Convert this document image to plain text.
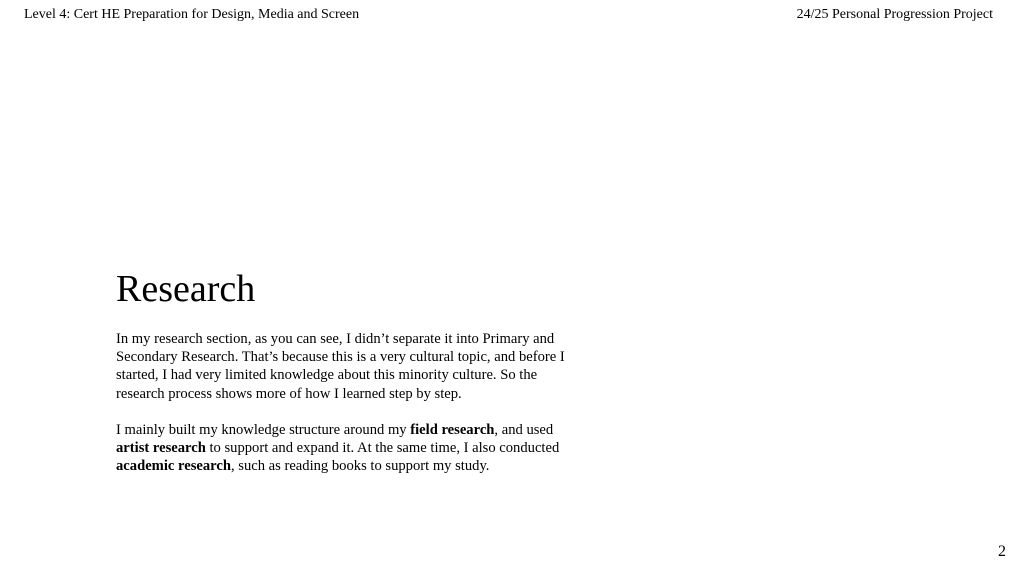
Level 4: Cert HE Preparation for Design, Media and Screen	24/25 Personal Progression Project
Research

In my research section, as you can see, I didn’t separate it into Primary and Secondary Research. That’s because this is a very cultural topic, and before I started, I had very limited knowledge about this minority culture. So the research process shows more of how I learned step by step.

I mainly built my knowledge structure around my field research, and used artist research to support and expand it. At the same time, I also conducted academic research, such as reading books to support my study.

2
